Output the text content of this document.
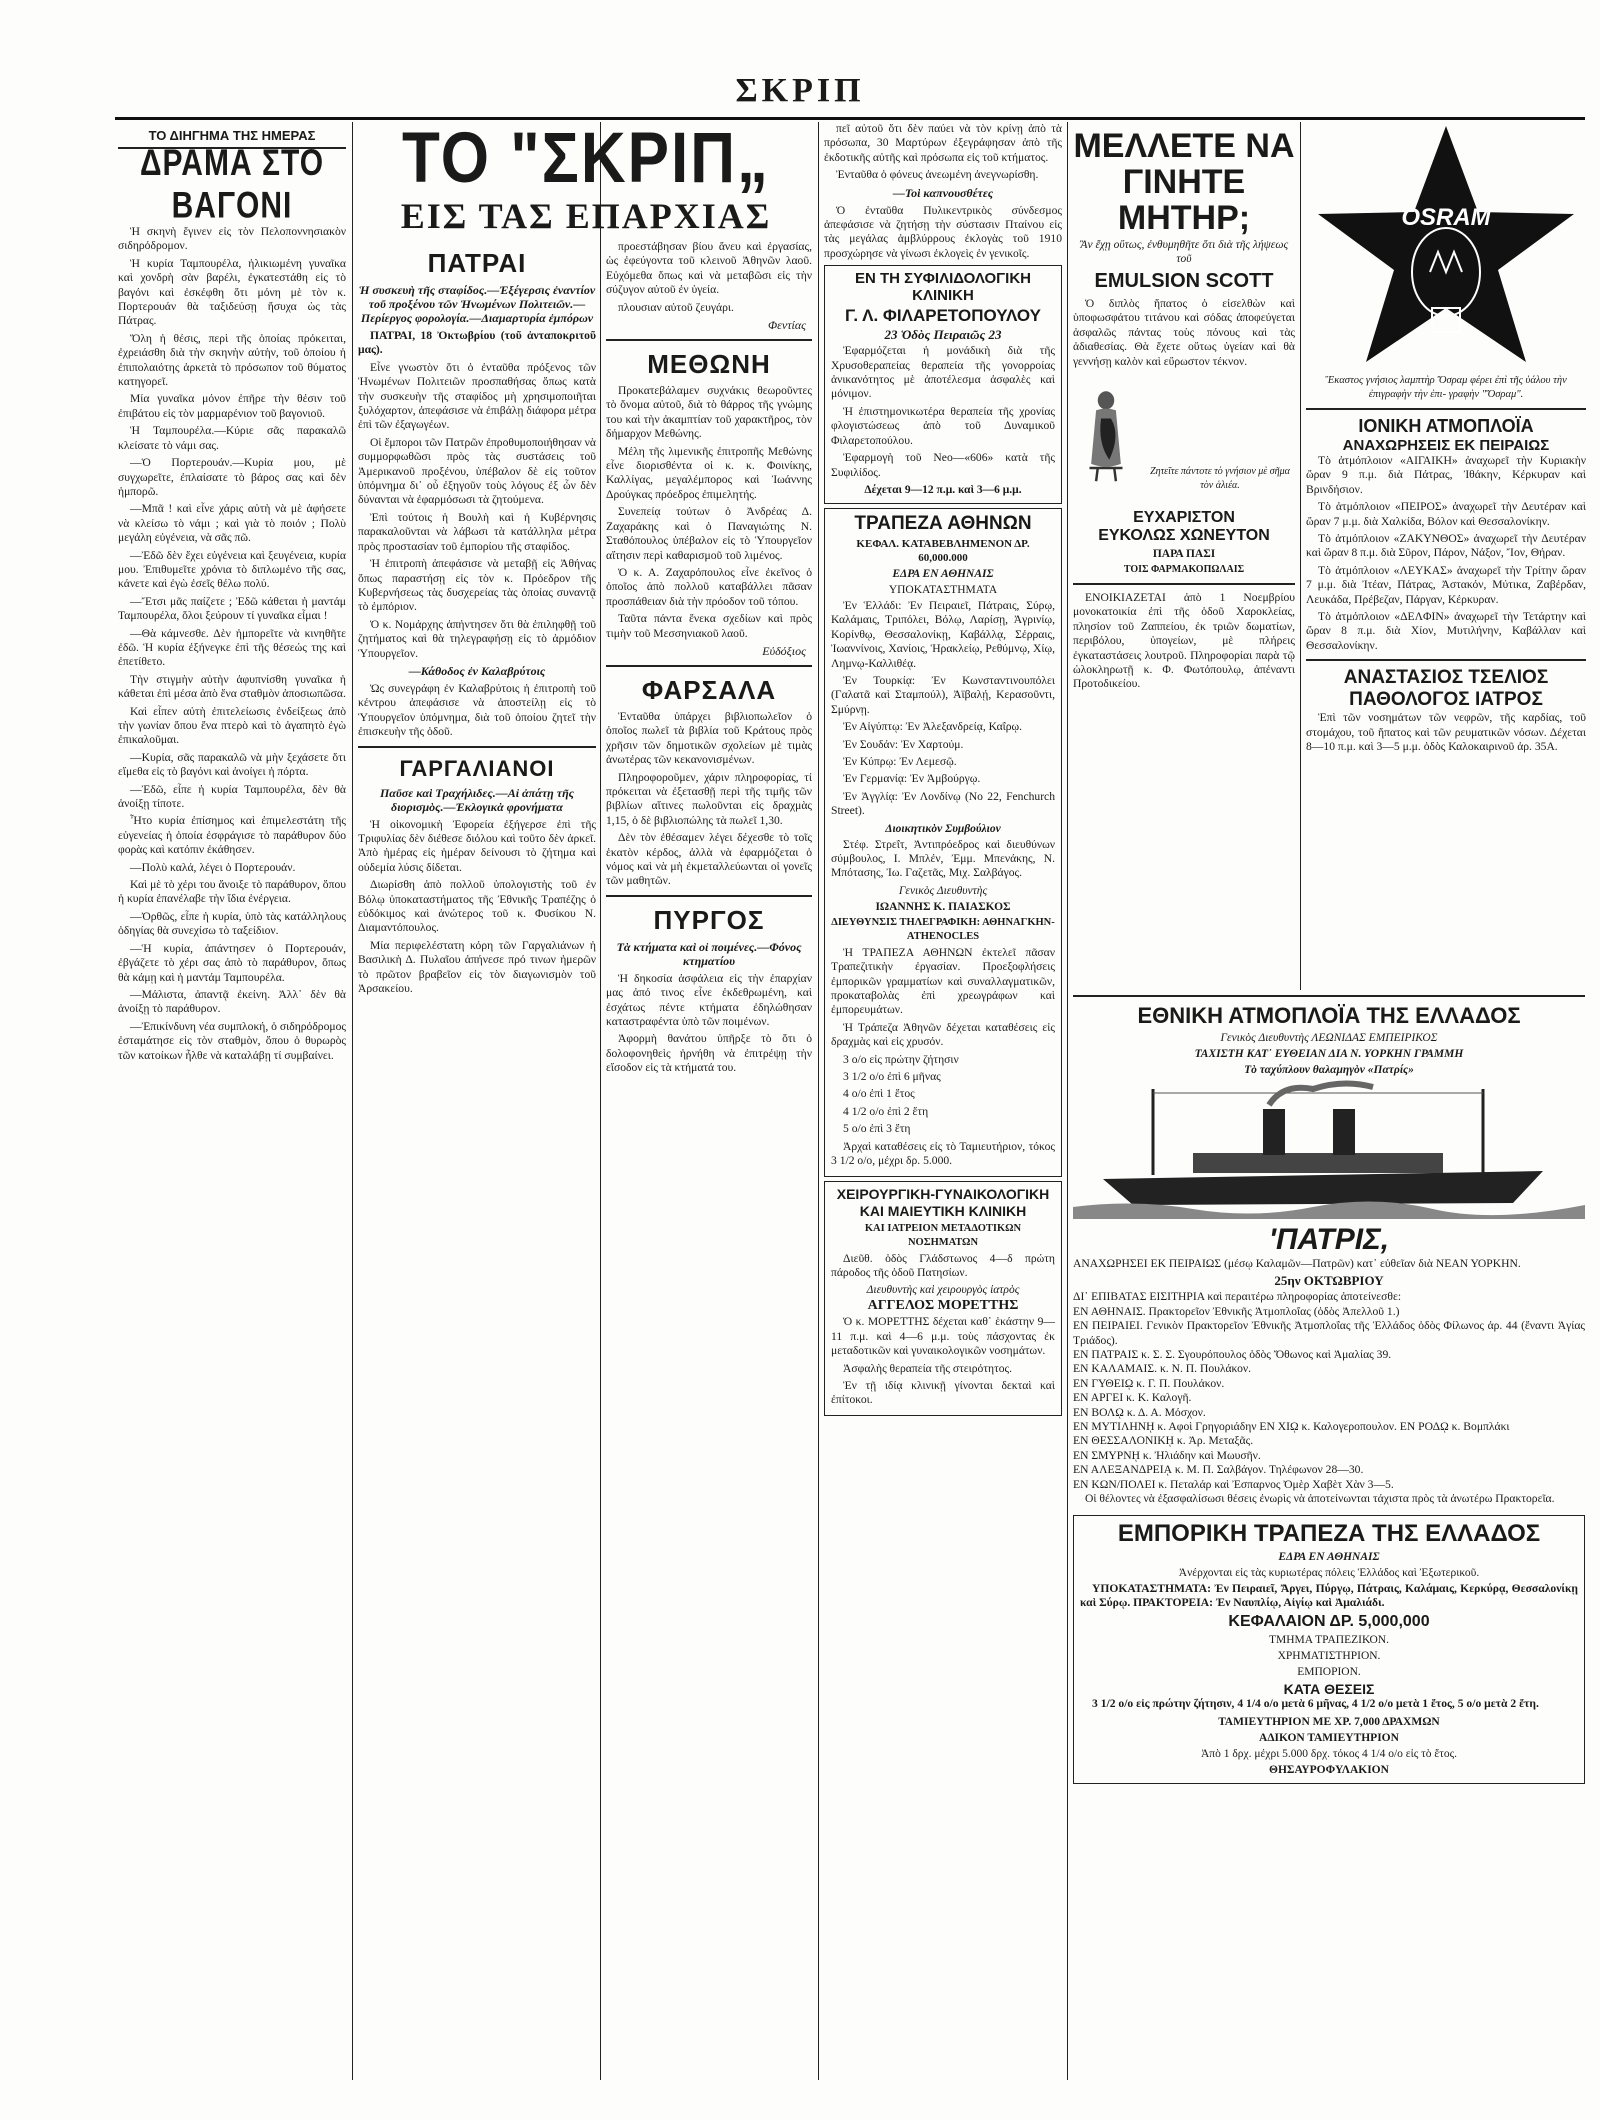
ΣΚΡΙΠ
ΤΟ ΔΙΗΓΗΜΑ ΤΗΣ ΗΜΕΡΑΣ
ΔΡΑΜΑ ΣΤΟ ΒΑΓΟΝΙ

Ἡ σκηνὴ ἔγινεν εἰς τὸν Πελοποννησιακὸν σιδηρόδρομον.

Ἡ κυρία Ταμπουρέλα, ἠλικιωμένη γυναῖκα καὶ χονδρὴ σὰν βαρέλι, ἐγκατεστάθη εἰς τὸ βαγόνι καὶ ἐσκέφθη ὅτι μόνη μὲ τὸν κ. Πορτερουάν θὰ ταξιδεύσῃ ἥσυχα ὡς τὰς Πάτρας.

Ὅλη ἡ θέσις, περὶ τῆς ὁποίας πρόκειται, ἐχρειάσθη διὰ τὴν σκηνὴν αὐτὴν, τοῦ ὁποίου ἡ ἐπιπολαιότης ἀρκετὰ τὸ πρόσωπον τοῦ θύματος κατηγορεῖ.

Μία γυναῖκα μόνον ἐπῆρε τὴν θέσιν τοῦ ἐπιβάτου εἰς τὸν μαρμαρένιον τοῦ βαγονιοῦ.

Ἡ Ταμπουρέλα.—Κύριε σᾶς παρακαλῶ κλείσατε τὸ νάμι σας.

—Ὁ Πορτερουάν.—Κυρία μου, μὲ συγχωρεῖτε, ἐπλαίσατε τὸ βάρος σας καὶ δὲν ἠμπορῶ.

—Μπᾶ ! καὶ εἶνε χάρις αὐτὴ νὰ μὲ ἀφήσετε νὰ κλείσω τὸ νάμι ; καὶ γιὰ τὸ ποιόν ; Πολὺ μεγάλη εὐγένεια, νὰ σᾶς πῶ.

—Ἐδῶ δὲν ἔχει εὐγένεια καὶ ξευγένεια, κυρία μου. Ἐπιθυμεῖτε χρόνια τὸ διπλωμένο τῆς σας, κάνετε καὶ ἐγὼ ἐσεῖς θέλω πολύ.

—Ἔτσι μᾶς παίζετε ; Ἐδῶ κάθεται ἡ μαντάμ Ταμπουρέλα, ὅλοι ξεύρουν τί γυναῖκα εἶμαι !

—Θὰ κάμνεσθε. Δὲν ἠμπορεῖτε νὰ κινηθῆτε ἐδῶ. Ἡ κυρία ἐξήνεγκε ἐπὶ τῆς θέσεώς της καὶ ἐπετίθετο.

Τὴν στιγμὴν αὐτὴν ἀφυπνίσθη γυναῖκα ἡ κάθεται ἐπὶ μέσα ἀπὸ ἕνα σταθμὸν ἀποσιωπῶσα.

Καὶ εἶπεν αὐτὴ ἐπιτελείωσις ἐνδείξεως ἀπὸ τὴν γωνίαν ὅπου ἔνα πτερὸ καὶ τὸ ἀγαπητὸ ἐγὼ ἐπικαλοῦμαι.

—Κυρία, σᾶς παρακαλῶ νὰ μὴν ξεχάσετε ὅτι εἴμεθα εἰς τὸ βαγόνι καὶ ἀνοίγει ἡ πόρτα.

—Ἐδῶ, εἶπε ἡ κυρία Ταμπουρέλα, δὲν θὰ ἀνοίξῃ τίποτε.

Ἦτο κυρία ἐπίσημος καὶ ἐπιμελεστάτη τῆς εὐγενείας ἡ ὁποία ἐσφράγισε τὸ παράθυρον δύο φορὰς καὶ κατόπιν ἐκάθησεν.

—Πολὺ καλά, λέγει ὁ Πορτερουάν.

Καὶ μὲ τὸ χέρι του ἄνοιξε τὸ παράθυρον, ὅπου ἡ κυρία ἐπανέλαβε τὴν ἴδια ἐνέργεια.

—Ὀρθῶς, εἶπε ἡ κυρία, ὑπὸ τὰς κατάλληλους ὁδηγίας θὰ συνεχίσω τὸ ταξείδιον.

—Ἡ κυρία, ἀπάντησεν ὁ Πορτερουάν, ἐβγάζετε τὸ χέρι σας ἀπὸ τὸ παράθυρον, ὅπως θὰ κάμῃ καὶ ἡ μαντάμ Ταμπουρέλα.

—Μάλιστα, ἀπαντᾷ ἐκείνη. Ἀλλ᾽ δὲν θὰ ἀνοίξῃ τὸ παράθυρον.

—Ἐπικίνδυνη νέα συμπλοκή, ὁ σιδηρόδρομος ἐσταμάτησε εἰς τὸν σταθμὸν, ὅπου ὁ θυρωρὸς τῶν κατοίκων ἦλθε νὰ καταλάβῃ τί συμβαίνει.

ΤΟ "ΣΚΡΙΠ„
ΕΙΣ ΤΑΣ ΕΠΑΡΧΙΑΣ
ΠΑΤΡΑΙ
Ἡ συσκευὴ τῆς σταφίδος.—Ἐξέγερσις ἐναντίον τοῦ προξένου τῶν Ἡνωμένων Πολιτειῶν.—Περίεργος φορολογία.—Διαμαρτυρία ἐμπόρων

ΠΑΤΡΑΙ, 18 Ὀκτωβρίου (τοῦ ἀνταποκριτοῦ μας).

Εἶνε γνωστὸν ὅτι ὁ ἐνταῦθα πρόξενος τῶν Ἡνωμένων Πολιτειῶν προσπαθήσας ὅπως κατὰ τὴν συσκευὴν τῆς σταφίδος μὴ χρησιμοποιῆται ξυλόχαρτον, ἀπεφάσισε νὰ ἐπιβάλῃ διάφορα μέτρα ἐπὶ τῶν ἐξαγωγέων.

Οἱ ἔμποροι τῶν Πατρῶν ἐπροθυμοποιήθησαν νὰ συμμορφωθῶσι πρὸς τὰς συστάσεις τοῦ Ἀμερικανοῦ προξένου, ὑπέβαλον δὲ εἰς τοῦτον ὑπόμνημα δι᾽ οὗ ἐξηγοῦν τοὺς λόγους ἐξ ὧν δὲν δύνανται νὰ ἐφαρμόσωσι τὰ ζητούμενα.

Ἐπὶ τούτοις ἡ Βουλὴ καὶ ἡ Κυβέρνησις παρακαλοῦνται νὰ λάβωσι τὰ κατάλληλα μέτρα πρὸς προστασίαν τοῦ ἐμπορίου τῆς σταφίδος.

Ἡ ἐπιτροπὴ ἀπεφάσισε νὰ μεταβῇ εἰς Ἀθήνας ὅπως παραστήσῃ εἰς τὸν κ. Πρόεδρον τῆς Κυβερνήσεως τὰς δυσχερείας τὰς ὁποίας συναντᾷ τὸ ἐμπόριον.

Ὁ κ. Νομάρχης ἀπήντησεν ὅτι θὰ ἐπιληφθῇ τοῦ ζητήματος καὶ θὰ τηλεγραφήσῃ εἰς τὸ ἁρμόδιον Ὑπουργεῖον.

—Κάθοδος ἐν Καλαβρύτοις

Ὡς συνεγράφη ἐν Καλαβρύτοις ἡ ἐπιτροπὴ τοῦ κέντρου ἀπεφάσισε νὰ ἀποστείλῃ εἰς τὸ Ὑπουργεῖον ὑπόμνημα, διὰ τοῦ ὁποίου ζητεῖ τὴν ἐπισκευὴν τῆς ὁδοῦ.

ΓΑΡΓΑΛΙΑΝΟΙ
Παῦσε καὶ Τραχήλιδες.—Αἱ ἀπάτῃ τῆς διορισμὸς.—Ἐκλογικὰ φρονήματα

Ἡ οἰκονομικὴ Ἐφορεία ἐξήγερσε ἐπὶ τῆς Τριφυλίας δὲν διέθεσε διόλου καὶ τοῦτο δὲν ἀρκεῖ. Ἀπὸ ἡμέρας εἰς ἡμέραν δείνουσι τὸ ζήτημα καὶ οὐδεμία λύσις δίδεται.

Διωρίσθη ἀπὸ πολλοῦ ὑπολογιστὴς τοῦ ἐν Βόλῳ ὑποκαταστήματος τῆς Ἐθνικῆς Τραπέζης ὁ εὐδόκιμος καὶ ἀνώτερος τοῦ κ. Φυσίκου Ν. Διαμαντόπουλος.

Μία περιφελέστατη κόρη τῶν Γαργαλιάνων ἡ Βασιλικὴ Δ. Πυλαῖου ἀπήνεσε πρό τινων ἡμερῶν τὸ πρῶτον βραβεῖον εἰς τὸν διαγωνισμὸν τοῦ Ἀρσακείου.

προεστάβησαν βίου ἄνευ καὶ ἐργασίας, ὡς ἐφεύγοντα τοῦ κλεινοῦ Ἀθηνῶν λαοῦ. Εὐχόμεθα ὅπως καὶ νὰ μεταβῶσι εἰς τὴν σύζυγον αὐτοῦ ἐν ὑγεία.

πλουσιαν αὐτοῦ ζευγάρι.

Φεντίας
ΜΕΘΩΝΗ

Προκατεβάλαμεν συχνάκις θεωροῦντες τὸ ὄνομα αὐτοῦ, διὰ τὸ θάρρος τῆς γνώμης του καὶ τὴν ἀκαμπτίαν τοῦ χαρακτῆρος, τὸν δήμαρχον Μεθώνης.

Μέλη τῆς λιμενικῆς ἐπιτροπῆς Μεθώνης εἶνε διορισθέντα οἱ κ. κ. Φοινίκης, Καλλίγας, μεγαλέμπορος καὶ Ἰωάννης Δρούγκας πρόεδρος ἐπιμελητής.

Συνεπείᾳ τούτων ὁ Ἀνδρέας Δ. Ζαχαράκης καὶ ὁ Παναγιώτης Ν. Σταθόπουλος ὑπέβαλον εἰς τὸ Ὑπουργεῖον αἴτησιν περὶ καθαρισμοῦ τοῦ λιμένος.

Ὁ κ. Α. Ζαχαρόπουλος εἶνε ἐκεῖνος ὁ ὁποῖος ἀπὸ πολλοῦ καταβάλλει πᾶσαν προσπάθειαν διὰ τὴν πρόοδον τοῦ τόπου.

Ταῦτα πάντα ἕνεκα σχεδίων καὶ πρὸς τιμὴν τοῦ Μεσσηνιακοῦ λαοῦ.

Εὐδόξιος
ΦΑΡΣΑΛΑ

Ἐνταῦθα ὑπάρχει βιβλιοπωλεῖον ὁ ὁποῖος πωλεῖ τὰ βιβλία τοῦ Κράτους πρὸς χρῆσιν τῶν δημοτικῶν σχολείων μὲ τιμὰς ἀνωτέρας τῶν κεκανονισμένων.

Πληροφοροῦμεν, χάριν πληροφορίας, τί πρόκειται νὰ ἐξετασθῇ περὶ τῆς τιμῆς τῶν βιβλίων αἵτινες πωλοῦνται εἰς δραχμὰς 1,15, ὁ δὲ βιβλιοπώλης τὰ πωλεῖ 1,30.

Δὲν τὸν ἐθέσαμεν λέγει δέχεσθε τὸ τοῖς ἑκατὸν κέρδος, ἀλλὰ νὰ ἐφαρμόζεται ὁ νόμος καὶ νὰ μὴ ἐκμεταλλεύωνται οἱ γονεῖς τῶν μαθητῶν.

ΠΥΡΓΟΣ
Τὰ κτήματα καὶ οἱ ποιμένες.—Φόνος κτηματίου

Ἡ δηκοσία ἀσφάλεια εἰς τὴν ἐπαρχίαν μας ἀπό τινος εἶνε ἐκδεθρωμένη, καὶ ἐσχάτως πέντε κτήματα ἐδηλώθησαν καταστραφέντα ὑπὸ τῶν ποιμένων.

Ἀφορμὴ θανάτου ὑπῆρξε τὸ ὅτι ὁ δολοφονηθεὶς ἠρνήθη νὰ ἐπιτρέψῃ τὴν εἴσοδον εἰς τὰ κτήματά του.

πεῖ αὐτοῦ ὅτι δὲν παύει νὰ τὸν κρίνῃ ἀπὸ τὰ πρόσωπα, 30 Μαρτύρων ἐξεγράφησαν ἀπὸ τῆς ἐκδοτικῆς αὐτῆς καὶ πρόσωπα εἰς τοῦ κτήματος.

Ἐνταῦθα ὁ φόνευς ἀνεωμένη ἀνεγνωρίσθη.

—Τοὶ καπνουσθέτες

Ὁ ἐνταῦθα Πυλικεντρικὸς σύνδεσμος ἀπεφάσισε νὰ ζητήσῃ τὴν σύστασιν Πταίνου εἰς τὰς μεγάλας ἀμβλύρρους ἐκλογὰς τοῦ 1910 προσχώρησε νὰ γίνωσι ἐκλογεὶς ἐν γενικοῖς.

ΕΝ ΤΗ ΣΥΦΙΛΙΔΟΛΟΓΙΚΗ ΚΛΙΝΙΚΗ
Γ. Λ. ΦΙΛΑΡΕΤΟΠΟΥΛΟΥ
23 Ὁδὸς Πειραιῶς 23

Ἐφαρμόζεται ἡ μονάδικὴ διὰ τῆς Χρυσοθεραπείας θεραπεία τῆς γονορροίας ἀνικανότητος μὲ ἀποτέλεσμα ἀσφαλὲς καὶ μόνιμον.

Ἡ ἐπιστημονικωτέρα θεραπεία τῆς χρονίας φλογιστώσεως ἀπὸ τοῦ Δυναμικοῦ Φιλαρετοπούλου.

Ἐφαρμογὴ τοῦ Neo—«606» κατὰ τῆς Συφιλίδος.

Δέχεται 9—12 π.μ. καὶ 3—6 μ.μ.
ΤΡΑΠΕΖΑ ΑΘΗΝΩΝ
ΚΕΦΑΛ. ΚΑΤΑΒΕΒΛΗΜΕΝΟΝ ΔΡ. 60,000.000
ΕΔΡΑ ΕΝ ΑΘΗΝΑΙΣ
ΥΠΟΚΑΤΑΣΤΗΜΑΤΑ

Ἐν Ἑλλάδι: Ἐν Πειραιεῖ, Πάτραις, Σύρῳ, Καλάμαις, Τριπόλει, Βόλῳ, Λαρίσῃ, Ἀγρινίῳ, Κορίνθῳ, Θεσσαλονίκῃ, Καβάλλᾳ, Σέρραις, Ἰωαννίνοις, Χανίοις, Ἡρακλείῳ, Ρεθύμνῳ, Χίῳ, Λημνῳ-Καλλιθέᾳ.

Ἐν Τουρκίᾳ: Ἐν Κωνσταντινουπόλει (Γαλατᾶ καὶ Σταμπούλ), Ἀϊβαλῄ, Κερασοῦντι, Σμύρνῃ.

Ἐν Αἰγύπτῳ: Ἐν Ἀλεξανδρείᾳ, Καΐρῳ.

Ἐν Σουδάν: Ἐν Χαρτούμ.

Ἐν Κύπρῳ: Ἐν Λεμεσῷ.

Ἐν Γερμανίᾳ: Ἐν Ἀμβούργῳ.

Ἐν Ἀγγλίᾳ: Ἐν Λονδίνῳ (Νο 22, Fenchurch Street).

Διοικητικὸν Συμβούλιον

Στέφ. Στρεΐτ, Ἀντιπρόεδρος καὶ διευθύνων σύμβουλος, Ι. Μπλέν, Ἐμμ. Μπενάκης, Ν. Μπότασης, Ἰω. Γαζετᾶς, Μιχ. Σαλβάγος.

Γενικὸς Διευθυντὴς
ΙΩΑΝΝΗΣ Κ. ΠΑΙΑΣΚΟΣ
ΔΙΕΥΘΥΝΣΙΣ ΤΗΛΕΓΡΑΦΙΚΗ: ΑΘΗΝΑΓΚΗΝ-ATHENOCLES

Ἡ ΤΡΑΠΕΖΑ ΑΘΗΝΩΝ ἐκτελεῖ πᾶσαν Τραπεζιτικὴν ἐργασίαν. Προεξοφλήσεις ἐμπορικῶν γραμματίων καὶ συναλλαγματικῶν, προκαταβολὰς ἐπὶ χρεωγράφων καὶ ἐμπορευμάτων.

Ἡ Τράπεζα Ἀθηνῶν δέχεται καταθέσεις εἰς δραχμὰς καὶ εἰς χρυσόν.

3 ο/ο εἰς πρώτην ζήτησιν

3 1/2 ο/ο ἐπὶ 6 μῆνας

4 ο/ο ἐπὶ 1 ἔτος

4 1/2 ο/ο ἐπὶ 2 ἔτη

5 ο/ο ἐπὶ 3 ἔτη

Ἀρχαὶ καταθέσεις εἰς τὸ Ταμιευτήριον, τόκος 3 1/2 ο/ο, μέχρι δρ. 5.000.

ΧΕΙΡΟΥΡΓΙΚΗ-ΓΥΝΑΙΚΟΛΟΓΙΚΗ ΚΑΙ ΜΑΙΕΥΤΙΚΗ ΚΛΙΝΙΚΗ
ΚΑΙ ΙΑΤΡΕΙΟΝ ΜΕΤΑΔΟΤΙΚΩΝ ΝΟΣΗΜΑΤΩΝ

Διεῦθ. ὁδὸς Γλάδστωνος 4—δ πρώτη πάροδος τῆς ὁδοῦ Πατησίων.

Διευθυντὴς καὶ χειρουργὸς ἰατρὸς
ΑΓΓΕΛΟΣ ΜΟΡΕΤΤΗΣ

Ὁ κ. ΜΟΡΕΤΤΗΣ δέχεται καθ᾽ ἑκάστην 9—11 π.μ. καὶ 4—6 μ.μ. τοὺς πάσχοντας ἐκ μεταδοτικῶν καὶ γυναικολογικῶν νοσημάτων.

Ἀσφαλὴς θεραπεία τῆς στειρότητος.

Ἐν τῇ ιδίᾳ κλινικῇ γίνονται δεκταὶ καὶ ἐπίτοκοι.

ΜΕΛΛΕΤΕ ΝΑ ΓΙΝΗΤΕ ΜΗΤΗΡ;
Ἂν ἔχῃ οὕτως, ἐνθυμηθῆτε ὅτι διὰ τῆς λήψεως τοῦ
EMULSION SCOTT

Ὁ διπλὸς ἥπατος ὁ εἰσελθὼν καὶ ὑποφωσφάτου τιτάνου καὶ σόδας ἀποφεύγεται ἀσφαλῶς πάντας τοὺς πόνους καὶ τὰς ἀδιαθεσίας. Θὰ ἔχετε οὕτως ὑγείαν καὶ θὰ γεννήσῃ καλὸν καὶ εὔρωστον τέκνον.

Ζητεῖτε πάντοτε τὸ γνήσιον μὲ σῆμα τὸν ἁλιέα.
ΕΥΧΑΡΙΣΤΟΝ
ΕΥΚΟΛΩΣ ΧΩΝΕΥΤΟΝ
ΠΑΡΑ ΠΑΣΙ
ΤΟΙΣ ΦΑΡΜΑΚΟΠΩΛΑΙΣ

ΕΝΟΙΚΙΑΖΕΤΑΙ ἀπὸ 1 Νοεμβρίου μονοκατοικία ἐπὶ τῆς ὁδοῦ Χαροκλείας, πλησίον τοῦ Ζαππείου, ἐκ τριῶν δωματίων, περιβόλου, ὑπογείων, μὲ πλήρεις ἐγκαταστάσεις λουτροῦ. Πληροφορίαι παρὰ τῷ ὠλοκληρωτῇ κ. Φ. Φωτόπουλῳ, ἀπέναντι Προτοδικείου.

OSRAM
Ἕκαστος γνήσιος λαμπτὴρ Ὄσραμ φέρει ἐπὶ τῆς ὑάλου τὴν ἐπιγραφὴν τὴν ἐπι- γραφὴν "Ὄσραμ".
ΙΟΝΙΚΗ ΑΤΜΟΠΛΟΪΑ
ΑΝΑΧΩΡΗΣΕΙΣ ΕΚ ΠΕΙΡΑΙΩΣ

Τὸ ἀτμόπλοιον «ΑΙΓΑΙΚΗ» ἀναχωρεῖ τὴν Κυριακὴν ὥραν 9 π.μ. διὰ Πάτρας, Ἰθάκην, Κέρκυραν καὶ Βρινδήσιον.

Τὸ ἀτμόπλοιον «ΠΕΙΡΟΣ» ἀναχωρεῖ τὴν Δευτέραν καὶ ὥραν 7 μ.μ. διὰ Χαλκίδα, Βόλον καὶ Θεσσαλονίκην.

Τὸ ἀτμόπλοιον «ΖΑΚΥΝΘΟΣ» ἀναχωρεῖ τὴν Δευτέραν καὶ ὥραν 8 π.μ. διὰ Σῦρον, Πάρον, Νάξον, Ἴον, Θήραν.

Τὸ ἀτμόπλοιον «ΛΕΥΚΑΣ» ἀναχωρεῖ τὴν Τρίτην ὥραν 7 μ.μ. διὰ Ἰτέαν, Πάτρας, Ἀστακόν, Μύτικα, Ζαβέρδαν, Λευκάδα, Πρέβεζαν, Πάργαν, Κέρκυραν.

Τὸ ἀτμόπλοιον «ΔΕΛΦΙΝ» ἀναχωρεῖ τὴν Τετάρτην καὶ ὥραν 8 π.μ. διὰ Χίον, Μυτιλήνην, Καβάλλαν καὶ Θεσσαλονίκην.

ΑΝΑΣΤΑΣΙΟΣ ΤΣΕΛΙΟΣ
ΠΑΘΟΛΟΓΟΣ ΙΑΤΡΟΣ

Ἐπὶ τῶν νοσημάτων τῶν νεφρῶν, τῆς καρδίας, τοῦ στομάχου, τοῦ ἥπατος καὶ τῶν ρευματικῶν νόσων. Δέχεται 8—10 π.μ. καὶ 3—5 μ.μ. ὁδὸς Καλοκαιρινοῦ ἀρ. 35Α.

ΕΘΝΙΚΗ ΑΤΜΟΠΛΟΪΑ ΤΗΣ ΕΛΛΑΔΟΣ
Γενικὸς Διευθυντὴς ΛΕΩΝΙΔΑΣ ΕΜΠΕΙΡΙΚΟΣ
ΤΑΧΙΣΤΗ ΚΑΤ᾽ ΕΥΘΕΙΑΝ ΔΙΑ Ν. ΥΟΡΚΗΝ ΓΡΑΜΜΗ
Τὸ ταχύπλουν θαλαμηγὸν «Πατρίς»
'ΠΑΤΡΙΣ,

ΑΝΑΧΩΡΗΣΕΙ ΕΚ ΠΕΙΡΑΙΩΣ (μέσῳ Καλαμῶν—Πατρῶν) κατ᾽ εὐθεῖαν διὰ ΝΕΑΝ ΥΟΡΚΗΝ.

25ην ΟΚΤΩΒΡΙΟΥ

ΔΙ᾽ ΕΠΙΒΑΤΑΣ ΕΙΣΙΤΗΡΙΑ καὶ περαιτέρω πληροφορίας ἀποτείνεσθε:

ΕΝ ΑΘΗΝΑΙΣ. Πρακτορεῖον Ἐθνικῆς Ἀτμοπλοΐας (ὁδὸς Ἀπελλοῦ 1.)

ΕΝ ΠΕΙΡΑΙΕΙ. Γενικὸν Πρακτορεῖον Ἐθνικῆς Ἀτμοπλοΐας τῆς Ἑλλάδος ὁδὸς Φίλωνος ἀρ. 44 (ἔναντι Ἁγίας Τριάδος).

ΕΝ ΠΑΤΡΑΙΣ κ. Σ. Σ. Σγουρόπουλος ὁδὸς Ὄθωνος καὶ Ἀμαλίας 39.

ΕΝ ΚΑΛΑΜΑΙΣ. κ. Ν. Π. Πουλάκον.

ΕΝ ΓΥΘΕΙῼ κ. Γ. Π. Πουλάκον.

ΕΝ ΑΡΓΕΙ κ. Κ. Καλογῆ.

ΕΝ ΒΟΛῼ κ. Δ. Α. Μόσχον.

ΕΝ ΜΥΤΙΛΗΝῌ κ. Αφοὶ Γρηγοριάδην ΕΝ ΧΙῼ κ. Καλογεροπουλον. ΕΝ ΡΟΔῼ κ. Βομπλάκι

ΕΝ ΘΕΣΣΑΛΟΝΙΚῌ κ. Ἀρ. Μεταξᾶς.

ΕΝ ΣΜΥΡΝῌ κ. Ἠλιάδην καὶ Μωυσῆν.

ΕΝ ΑΛΕΞΑΝΔΡΕΙᾼ κ. Μ. Π. Σαλβάγον. Τηλέφωνον 28—30.

ΕΝ ΚΩΝ/ΠΟΛΕΙ κ. Πεταλάρ καὶ Ἐσπαρνος Ὀμὲρ Χαβὲτ Χὰν 3—5.

Οἱ θέλοντες νὰ ἐξασφαλίσωσι θέσεις ἐνωρὶς νὰ ἀποτείνωνται τάχιστα πρὸς τὰ ἀνωτέρω Πρακτορεῖα.

ΕΜΠΟΡΙΚΗ ΤΡΑΠΕΖΑ ΤΗΣ ΕΛΛΑΔΟΣ
ΕΔΡΑ ΕΝ ΑΘΗΝΑΙΣ
Ἀνέρχονται εἰς τὰς κυριωτέρας πόλεις Ἑλλάδος καὶ Ἐξωτερικοῦ.

ΥΠΟΚΑΤΑΣΤΗΜΑΤΑ: Ἐν Πειραιεῖ, Ἄργει, Πύργῳ, Πάτραις, Καλάμαις, Κερκύρᾳ, Θεσσαλονίκῃ καὶ Σύρῳ. ΠΡΑΚΤΟΡΕΙΑ: Ἐν Ναυπλίῳ, Αἰγίῳ καὶ Ἀμαλιάδι.

ΚΕΦΑΛΑΙΟΝ ΔΡ. 5,000,000
ΤΜΗΜΑ ΤΡΑΠΕΖΙΚΟΝ.
ΧΡΗΜΑΤΙΣΤΗΡΙΟΝ.
ΕΜΠΟΡΙΟΝ.
ΚΑΤΑ ΘΕΣΕΙΣ

3 1/2 ο/ο εἰς πρώτην ζήτησιν, 4 1/4 ο/ο μετὰ 6 μῆνας, 4 1/2 ο/ο μετὰ 1 ἔτος, 5 ο/ο μετὰ 2 ἔτη.

ΤΑΜΙΕΥΤΗΡΙΟΝ ΜΕ ΧΡ. 7,000 ΔΡΑΧΜΩΝ
ΑΔΙΚΟΝ ΤΑΜΙΕΥΤΗΡΙΟΝ
Ἀπὸ 1 δρχ. μέχρι 5.000 δρχ. τόκος 4 1/4 ο/ο εἰς τὸ ἔτος.
ΘΗΣΑΥΡΟΦΥΛΑΚΙΟΝ
